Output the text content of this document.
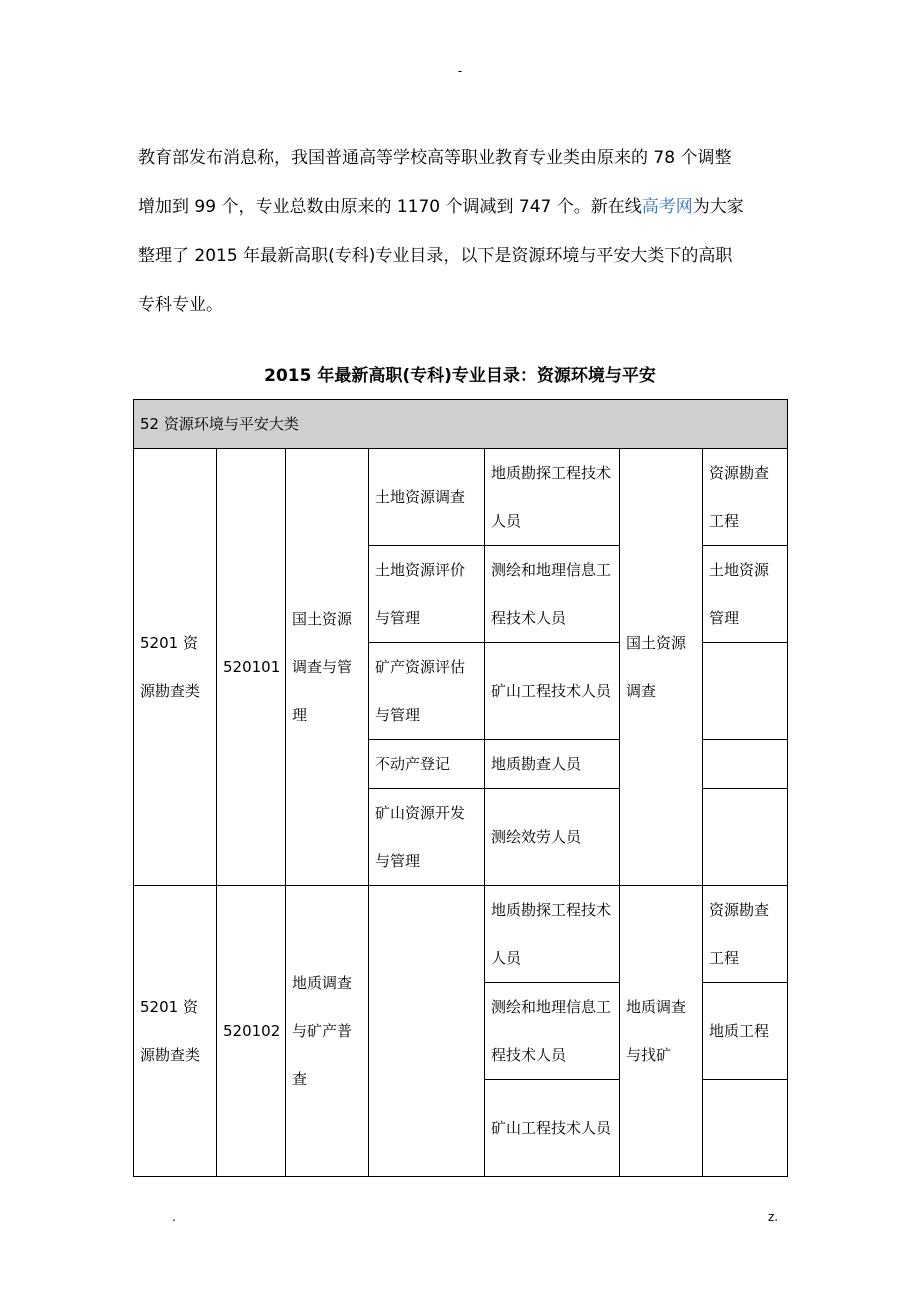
-
教育部发布消息称，我国普通高等学校高等职业教育专业类由原来的 78 个调整
增加到 99 个，专业总数由原来的 1170 个调减到 747 个。新在线高考网为大家
整理了 2015 年最新高职(专科)专业目录，以下是资源环境与平安大类下的高职
专科专业。
2015 年最新高职(专科)专业目录：资源环境与平安
52 资源环境与平安大类						
5201 资源勘查类	520101	国土资源调查与管理	土地资源调查	地质勘探工程技术人员	国土资源调查	资源勘查工程
			土地资源评价与管理	测绘和地理信息工程技术人员		土地资源管理
			矿产资源评估与管理	矿山工程技术人员		
			不动产登记	地质勘查人员		
			矿山资源开发与管理	测绘效劳人员		
5201 资源勘查类	520102	地质调查与矿产普查		地质勘探工程技术人员	地质调查与找矿	资源勘查工程
				测绘和地理信息工程技术人员		地质工程
				矿山工程技术人员		
.	z.
